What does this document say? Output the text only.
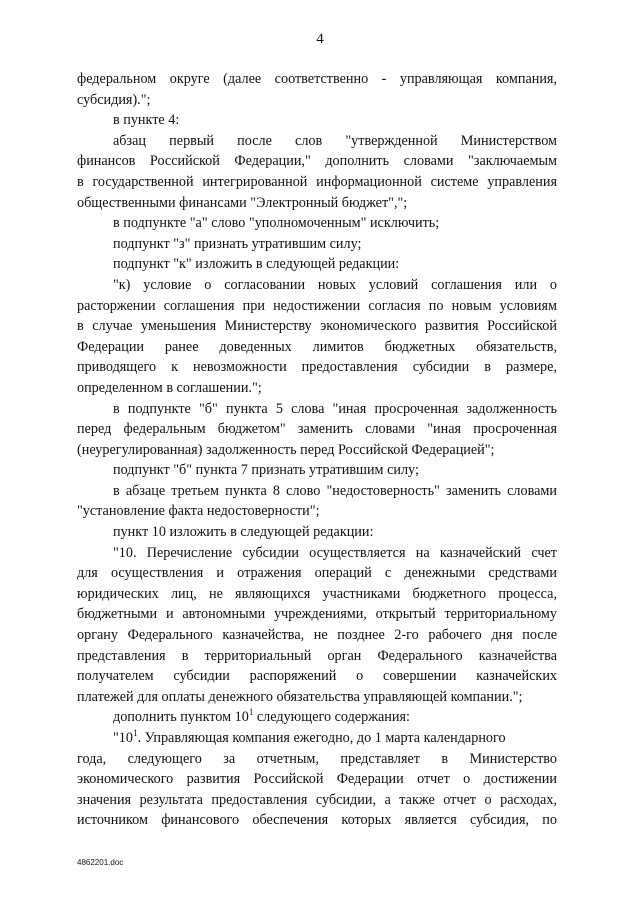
4
федеральном округе (далее соответственно - управляющая компания,
субсидия).";
в пункте 4:
абзац первый после слов "утвержденной Министерством
финансов Российской Федерации," дополнить словами "заключаемым
в государственной интегрированной информационной системе управления
общественными финансами "Электронный бюджет",";
в подпункте "а" слово "уполномоченным" исключить;
подпункт "з" признать утратившим силу;
подпункт "к" изложить в следующей редакции:
"к) условие о согласовании новых условий соглашения или о
расторжении соглашения при недостижении согласия по новым условиям
в случае уменьшения Министерству экономического развития Российской
Федерации ранее доведенных лимитов бюджетных обязательств,
приводящего к невозможности предоставления субсидии в размере,
определенном в соглашении.";
в подпункте "б" пункта 5 слова "иная просроченная задолженность
перед федеральным бюджетом" заменить словами "иная просроченная
(неурегулированная) задолженность перед Российской Федерацией";
подпункт "б" пункта 7 признать утратившим силу;
в абзаце третьем пункта 8 слово "недостоверность" заменить словами
"установление факта недостоверности";
пункт 10 изложить в следующей редакции:
"10. Перечисление субсидии осуществляется на казначейский счет
для осуществления и отражения операций с денежными средствами
юридических лиц, не являющихся участниками бюджетного процесса,
бюджетными и автономными учреждениями, открытый территориальному
органу Федерального казначейства, не позднее 2-го рабочего дня после
представления в территориальный орган Федерального казначейства
получателем субсидии распоряжений о совершении казначейских
платежей для оплаты денежного обязательства управляющей компании.";
дополнить пунктом $10^1$ следующего содержания:
"$10^1$. Управляющая компания ежегодно, до 1 марта календарного
года, следующего за отчетным, представляет в Министерство
экономического развития Российской Федерации отчет о достижении
значения результата предоставления субсидии, а также отчет о расходах,
источником финансового обеспечения которых является субсидия, по
4862201.doc
